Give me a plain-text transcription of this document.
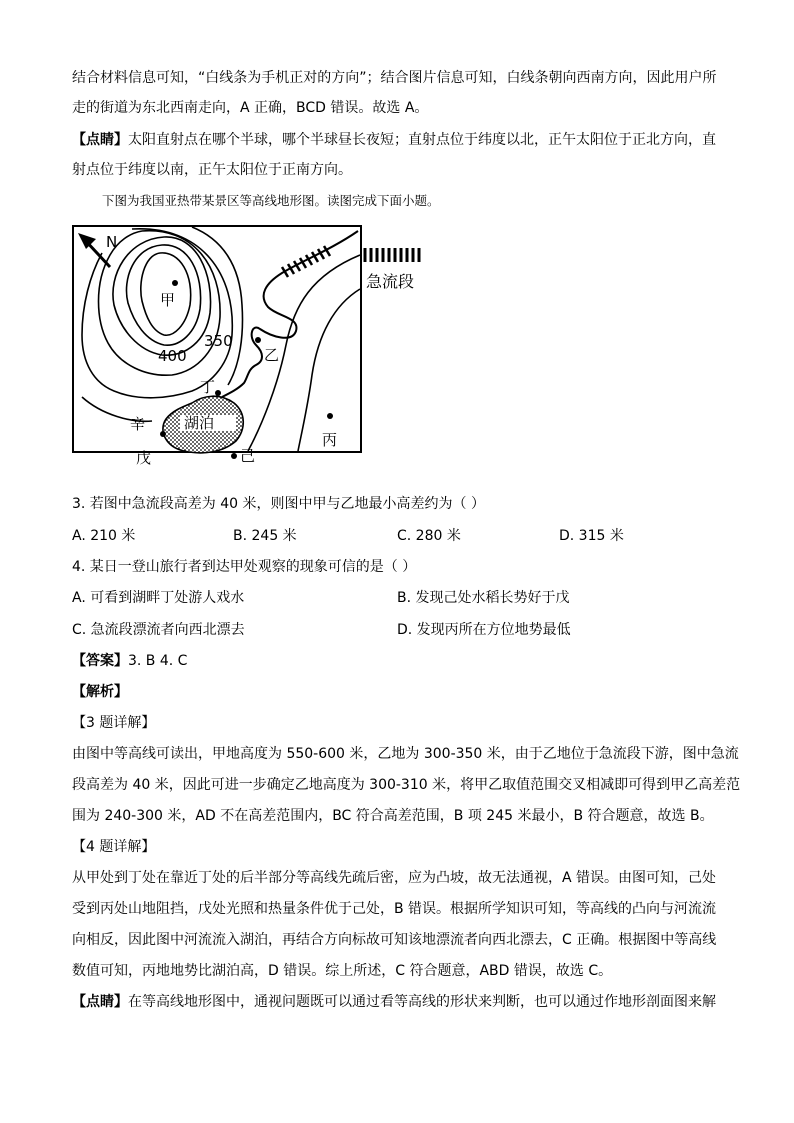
结合材料信息可知，“白线条为手机正对的方向”；结合图片信息可知，白线条朝向西南方向，因此用户所
走的街道为东北西南走向，A 正确，BCD 错误。故选 A。
【点睛】太阳直射点在哪个半球，哪个半球昼长夜短；直射点位于纬度以北，正午太阳位于正北方向，直
射点位于纬度以南，正午太阳位于正南方向。
下图为我国亚热带某景区等高线地形图。读图完成下面小题。
N
甲
350
400	乙
丁
辛	湖泊
丙
戊	己
急流段
3. 若图中急流段高差为 40 米，则图中甲与乙地最小高差约为（ ）
A. 210 米	B. 245 米	C. 280 米	D. 315 米
4. 某日一登山旅行者到达甲处观察的现象可信的是（ ）
A. 可看到湖畔丁处游人戏水	B. 发现己处水稻长势好于戊
C. 急流段漂流者向西北漂去	D. 发现丙所在方位地势最低
【答案】3. B 4. C
【解析】
【3 题详解】
由图中等高线可读出，甲地高度为 550-600 米，乙地为 300-350 米，由于乙地位于急流段下游，图中急流
段高差为 40 米，因此可进一步确定乙地高度为 300-310 米，将甲乙取值范围交叉相减即可得到甲乙高差范
围为 240-300 米，AD 不在高差范围内，BC 符合高差范围，B 项 245 米最小，B 符合题意，故选 B。
【4 题详解】
从甲处到丁处在靠近丁处的后半部分等高线先疏后密，应为凸坡，故无法通视，A 错误。由图可知，己处
受到丙处山地阻挡，戊处光照和热量条件优于己处，B 错误。根据所学知识可知，等高线的凸向与河流流
向相反，因此图中河流流入湖泊，再结合方向标故可知该地漂流者向西北漂去，C 正确。根据图中等高线
数值可知，丙地地势比湖泊高，D 错误。综上所述，C 符合题意，ABD 错误，故选 C。
【点睛】在等高线地形图中，通视问题既可以通过看等高线的形状来判断，也可以通过作地形剖面图来解
